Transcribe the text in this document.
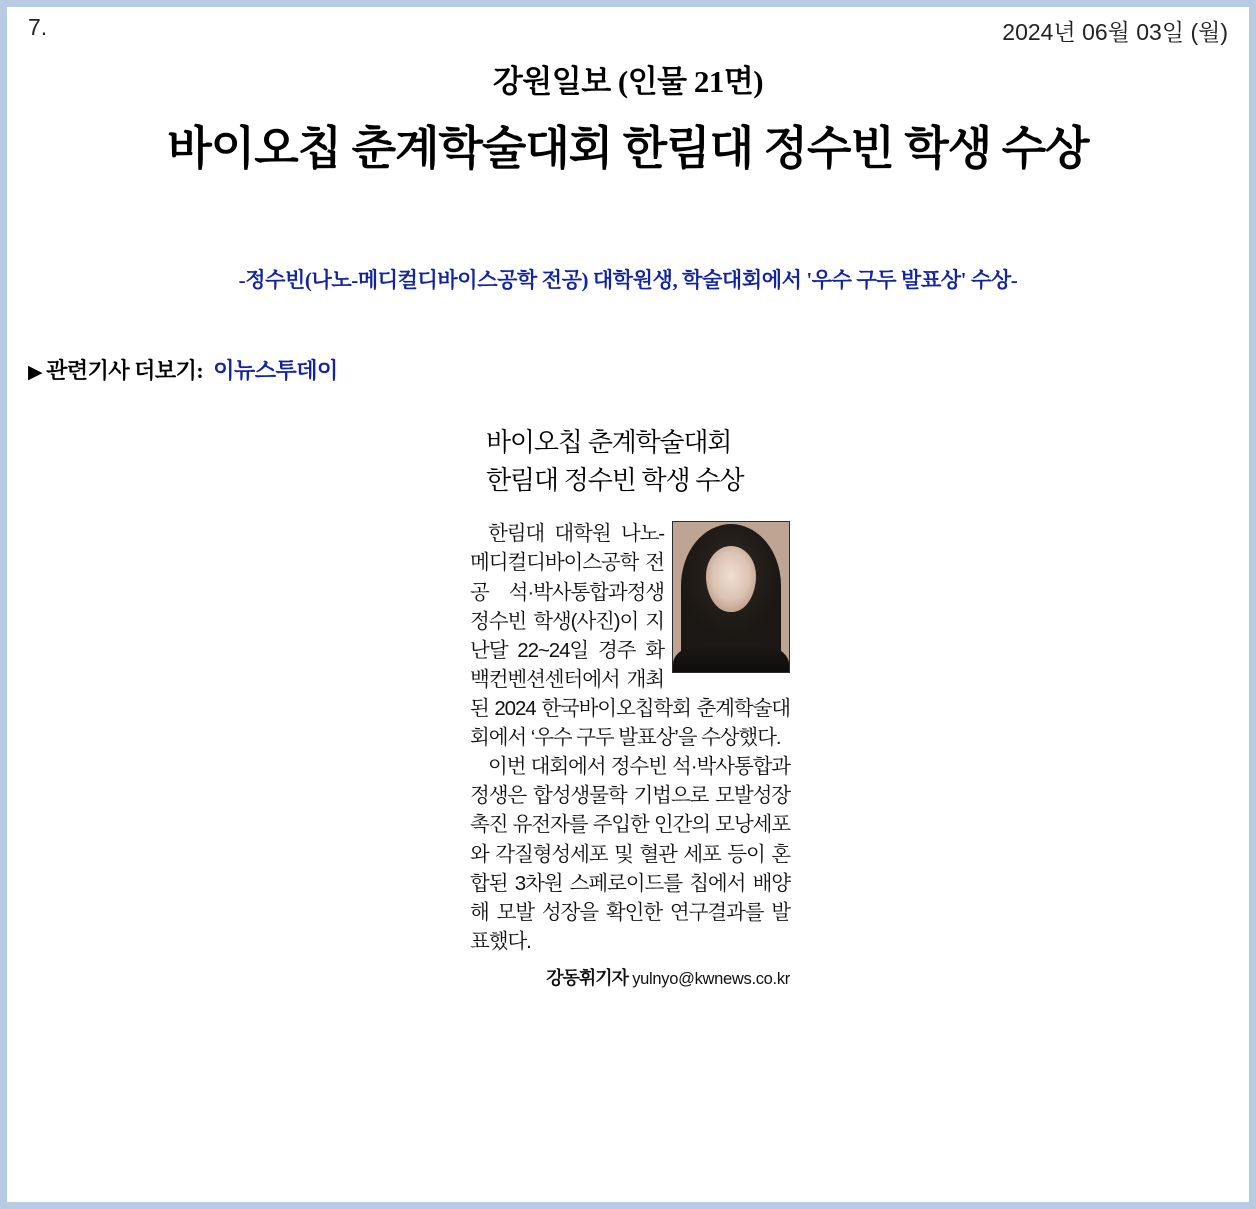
7.	2024년 06월 03일 (월)
강원일보 (인물 21면)
바이오칩 춘계학술대회 한림대 정수빈 학생 수상
-정수빈(나노-메디컬디바이스공학 전공) 대학원생, 학술대회에서 '우수 구두 발표상' 수상-
▶ 관련기사 더보기: 이뉴스투데이
바이오칩 춘계학술대회
한림대 정수빈 학생 수상

한림대 대학원 나노-메디컬디바이스공학 전공 석·박사통합과정생 정수빈 학생(사진)이 지난달 22~24일 경주 화백컨벤션센터에서 개최된 2024 한국바이오칩학회 춘계학술대회에서 ‘우수 구두 발표상’을 수상했다.

이번 대회에서 정수빈 석·박사통합과정생은 합성생물학 기법으로 모발성장촉진 유전자를 주입한 인간의 모낭세포와 각질형성세포 및 혈관 세포 등이 혼합된 3차원 스페로이드를 칩에서 배양해 모발 성장을 확인한 연구결과를 발표했다.

강동휘기자 yulnyo@kwnews.co.kr
